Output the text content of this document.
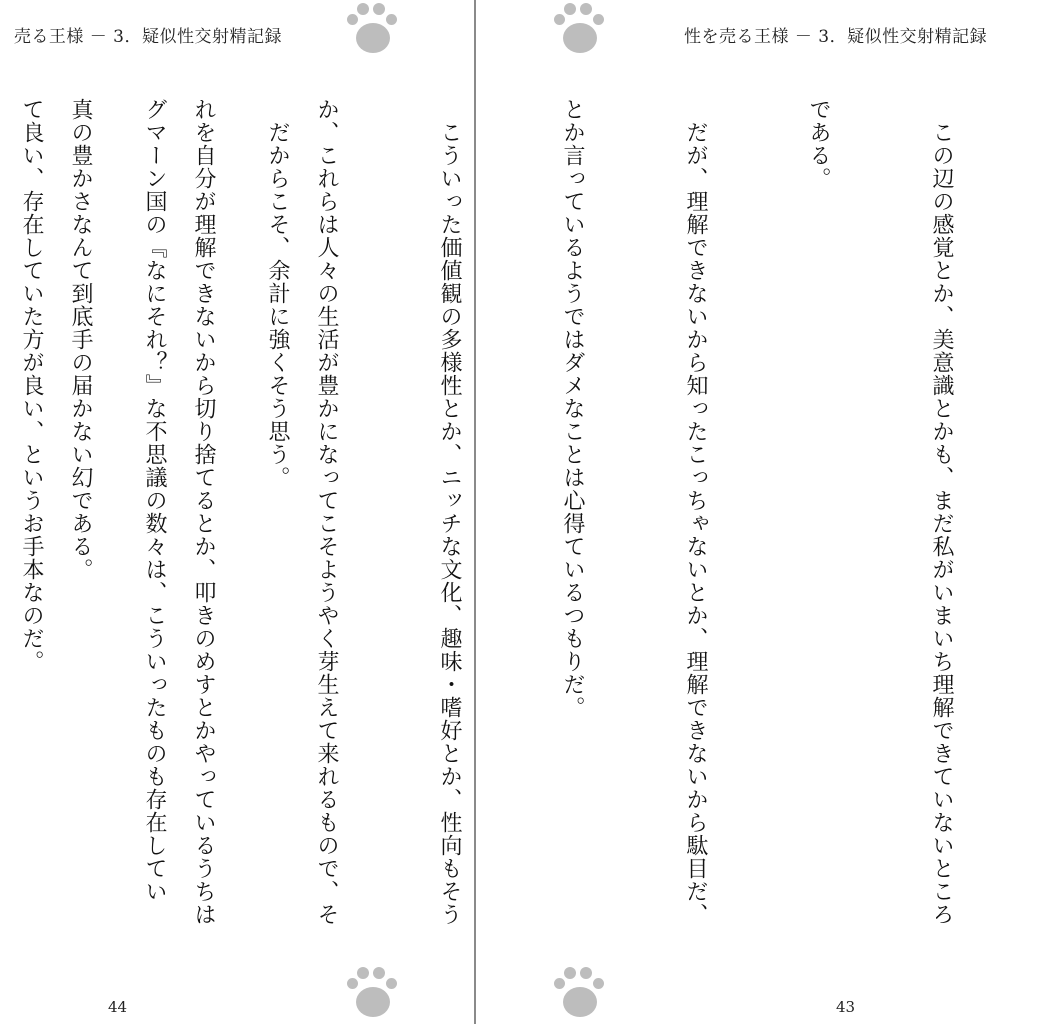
売る王様 － 3．疑似性交射精記録

　だからこそ、余計に強くそう思う。

グマーン国の『なにそれ？』な不思議の数々は、こういったものも存在してい

て良い、存在していた方が良い、というお手本なのだ。

44
性を売る王様 － 3．疑似性交射精記録

　この辺の感覚とか、美意識とかも、まだ私がいまいち理解できていないところ

である。

　だが、理解できないから知ったこっちゃないとか、理解できないから駄目だ、

とか言っているようではダメなことは心得ているつもりだ。

　こういった価値観の多様性とか、ニッチな文化、趣味・嗜好とか、性向もそう

か、これらは人々の生活が豊かになってこそようやく芽生えて来れるもので、そ

れを自分が理解できないから切り捨てるとか、叩きのめすとかやっているうちは

真の豊かさなんて到底手の届かない幻である。

43
